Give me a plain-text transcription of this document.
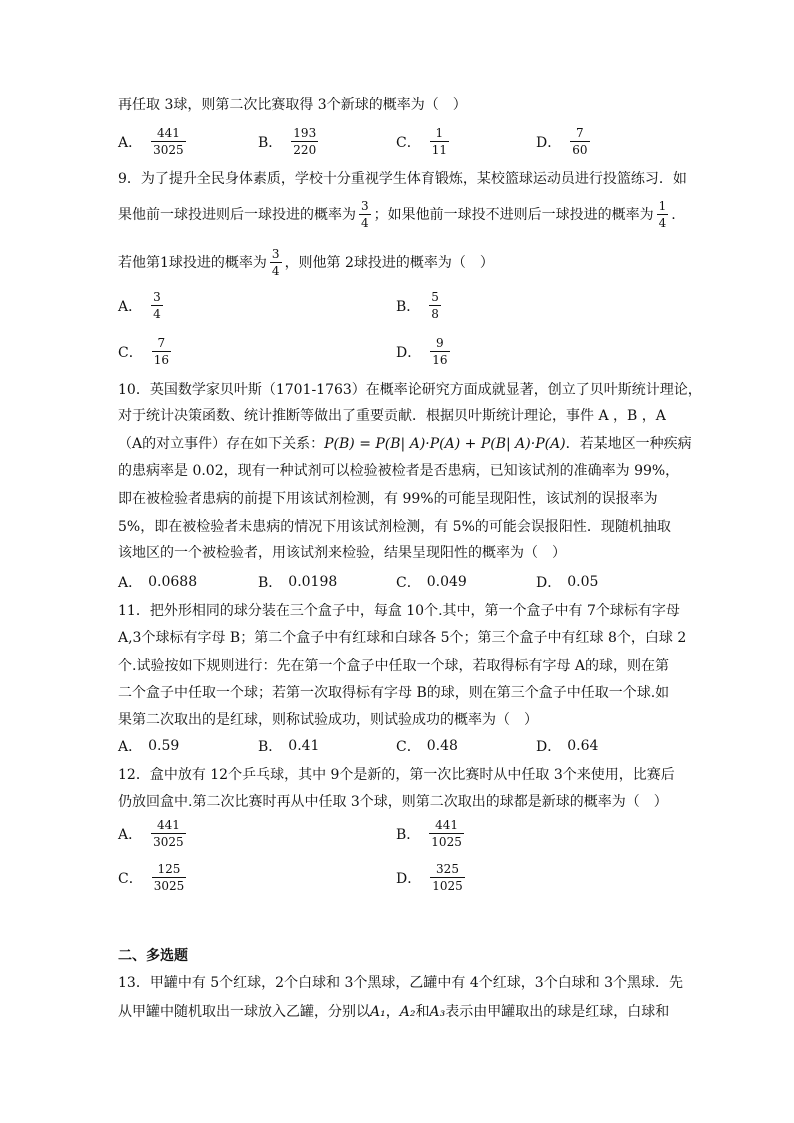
再任取 3球，则第二次比赛取得 3个新球的概率为（　）
A． $\frac{441}{3025}$	B． $\frac{193}{220}$	C． $\frac{1}{11}$	D． $\frac{7}{60}$
9．为了提升全民身体素质，学校十分重视学生体育锻炼，某校篮球运动员进行投篮练习．如
果他前一球投进则后一球投进的概率为 $\frac{3}{4}$ ；如果他前一球投不进则后一球投进的概率为 $\frac{1}{4}$ .
若他第1球投进的概率为 $\frac{3}{4}$ ，则他第 2球投进的概率为（　）
A． $\frac{3}{4}$	B． $\frac{5}{8}$
C． $\frac{7}{16}$	D． $\frac{9}{16}$
10．英国数学家贝叶斯（1701-1763）在概率论研究方面成就显著，创立了贝叶斯统计理论，
对于统计决策函数、统计推断等做出了重要贡献．根据贝叶斯统计理论，事件 A ，B ，A
（A的对立事件）存在如下关系：P(B) = P(B| A)·P(A) + P(B| A)·P(A)．若某地区一种疾病
的患病率是 0.02，现有一种试剂可以检验被检者是否患病，已知该试剂的准确率为 99%，
即在被检验者患病的前提下用该试剂检测，有 99%的可能呈现阳性，该试剂的误报率为
5%，即在被检验者未患病的情况下用该试剂检测，有 5%的可能会误报阳性．现随机抽取
该地区的一个被检验者，用该试剂来检验，结果呈现阳性的概率为（　）
A． 0.0688	B． 0.0198	C． 0.049	D． 0.05
11．把外形相同的球分装在三个盒子中，每盒 10个.其中，第一个盒子中有 7个球标有字母
A,3个球标有字母 B；第二个盒子中有红球和白球各 5个；第三个盒子中有红球 8个，白球 2
个.试验按如下规则进行：先在第一个盒子中任取一个球，若取得标有字母 A的球，则在第
二个盒子中任取一个球；若第一次取得标有字母 B的球，则在第三个盒子中任取一个球.如
果第二次取出的是红球，则称试验成功，则试验成功的概率为（　）
A． 0.59	B． 0.41	C． 0.48	D． 0.64
12．盒中放有 12个乒乓球，其中 9个是新的，第一次比赛时从中任取 3个来使用，比赛后
仍放回盒中.第二次比赛时再从中任取 3个球，则第二次取出的球都是新球的概率为（　）
A． $\frac{441}{3025}$	B． $\frac{441}{1025}$
C． $\frac{125}{3025}$	D． $\frac{325}{1025}$
二、多选题
13．甲罐中有 5个红球，2个白球和 3个黑球，乙罐中有 4个红球，3个白球和 3个黑球．先
从甲罐中随机取出一球放入乙罐，分别以A₁，A₂和A₃表示由甲罐取出的球是红球，白球和
